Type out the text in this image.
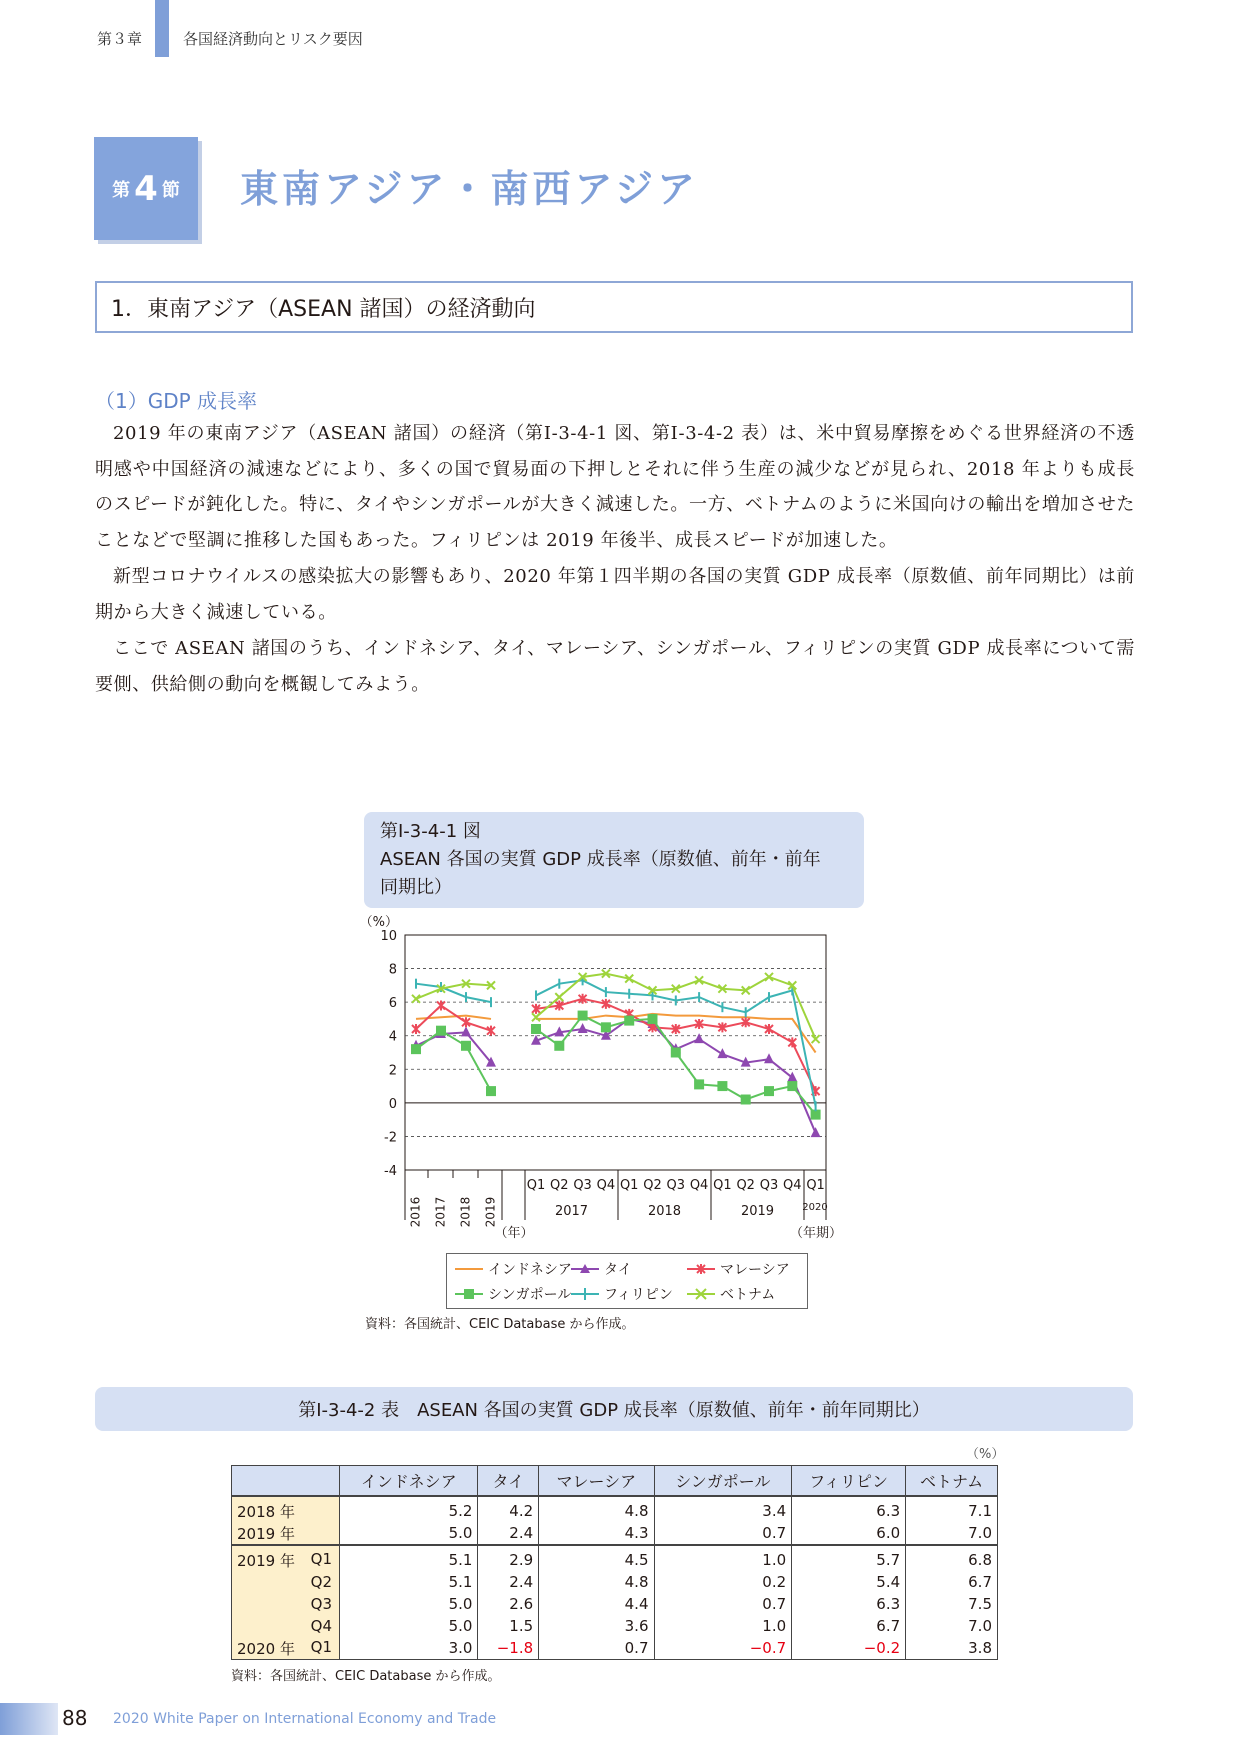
第３章	各国経済動向とリスク要因
第 4 節 東南アジア・南西アジア
1．東南アジア（ASEAN 諸国）の経済動向
（1）GDP 成長率

2019 年の東南アジア（ASEAN 諸国）の経済（第Ⅰ-3-4-1 図、第Ⅰ-3-4-2 表）は、米中貿易摩擦をめぐる世界経済の不透明感や中国経済の減速などにより、多くの国で貿易面の下押しとそれに伴う生産の減少などが見られ、2018 年よりも成長のスピードが鈍化した。特に、タイやシンガポールが大きく減速した。一方、ベトナムのように米国向けの輸出を増加させたことなどで堅調に推移した国もあった。フィリピンは 2019 年後半、成長スピードが加速した。

新型コロナウイルスの感染拡大の影響もあり、2020 年第１四半期の各国の実質 GDP 成長率（原数値、前年同期比）は前期から大きく減速している。

ここで ASEAN 諸国のうち、インドネシア、タイ、マレーシア、シンガポール、フィリピンの実質 GDP 成長率について需要側、供給側の動向を概観してみよう。

第Ⅰ-3-4-1 図
ASEAN 各国の実質 GDP 成長率（原数値、前年・前年
同期比）
10
8
6
4
2
0
-2
-4
（%）
2016 2017 2018 2019
（年）
Q1 Q2 Q3 Q4 Q1 Q2 Q3 Q4 Q1 Q2 Q3 Q4 Q1
2017	2018	2019	2020
（年期）
インドネシア タイ	マレーシア
シンガポール フィリピン	ベトナム
資料：各国統計、CEIC Database から作成。
第Ⅰ-3-4-2 表　ASEAN 各国の実質 GDP 成長率（原数値、前年・前年同期比）
（%）
	インドネシア	タイ	マレーシア	シンガポール	フィリピン	ベトナム
2018 年	5.2	4.2	4.8	3.4	6.3	7.1
2019 年	5.0	2.4	4.3	0.7	6.0	7.0
2019 年 Q1	5.1	2.9	4.5	1.0	5.7	6.8

Q2	5.1	2.4	4.8	0.2	5.4	6.7

Q3	5.0	2.6	4.4	0.7	6.3	7.5

Q4	5.0	1.5	3.6	1.0	6.7	7.0
2020 年 Q1	3.0	−1.8	0.7	−0.7	−0.2	3.8
資料：各国統計、CEIC Database から作成。
88 2020 White Paper on International Economy and Trade
